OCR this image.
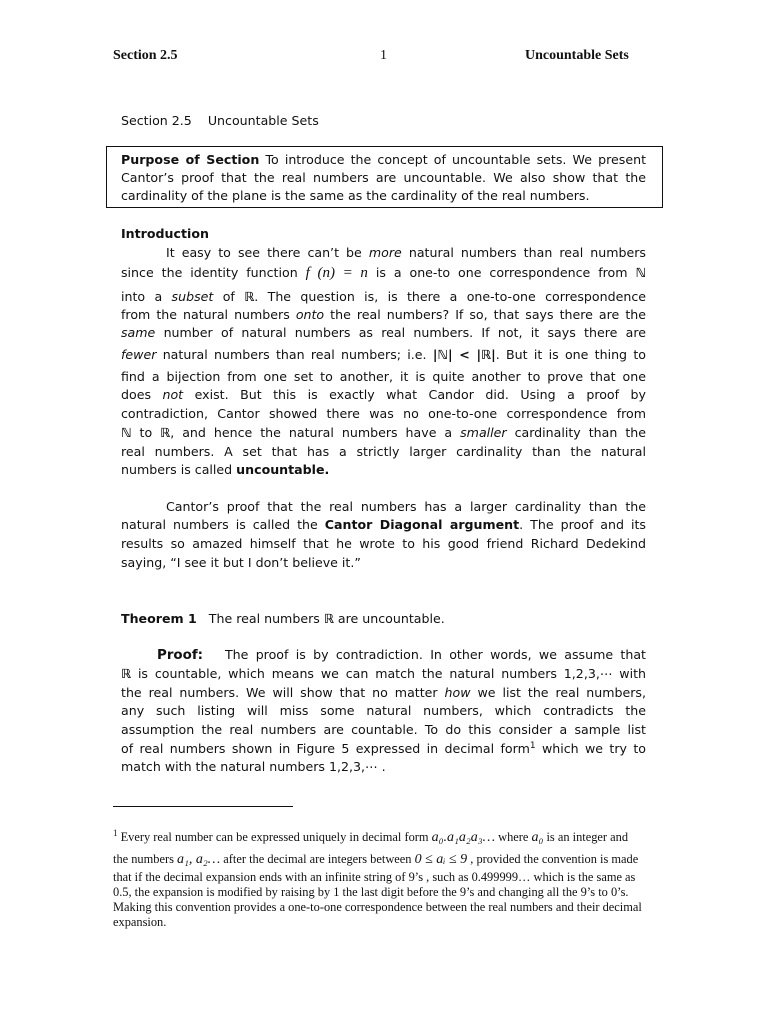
Section 2.5	1	Uncountable Sets
Section 2.5    Uncountable Sets
Purpose of Section To introduce the concept of uncountable sets. We present
Cantor’s proof that the real numbers are uncountable. We also show that the
cardinality of the plane is the same as the cardinality of the real numbers.
Introduction
It easy to see there can’t be more natural numbers than real numbers
since the identity function f (n) = n is a one-to one correspondence from ℕ
into a subset of ℝ. The question is, is there a one-to-one correspondence
from the natural numbers onto the real numbers? If so, that says there are the
same number of natural numbers as real numbers. If not, it says there are
fewer natural numbers than real numbers; i.e. |ℕ| < |ℝ|. But it is one thing to
find a bijection from one set to another, it is quite another to prove that one
does not exist. But this is exactly what Candor did. Using a proof by
contradiction, Cantor showed there was no one-to-one correspondence from
ℕ to ℝ, and hence the natural numbers have a smaller cardinality than the
real numbers. A set that has a strictly larger cardinality than the natural
numbers is called uncountable.
Cantor’s proof that the real numbers has a larger cardinality than the
natural numbers is called the Cantor Diagonal argument. The proof and its
results so amazed himself that he wrote to his good friend Richard Dedekind
saying, “I see it but I don’t believe it.”
Theorem 1 The real numbers ℝ are uncountable.
Proof: The proof is by contradiction. In other words, we assume that
ℝ is countable, which means we can match the natural numbers 1,2,3,⋯ with
the real numbers. We will show that no matter how we list the real numbers,
any such listing will miss some natural numbers, which contradicts the
assumption the real numbers are countable. To do this consider a sample list
of real numbers shown in Figure 5 expressed in decimal form$^1$ which we try to
match with the natural numbers 1,2,3,⋯ .
$^1$ Every real number can be expressed uniquely in decimal form a₀.a₁a₂a₃… where a₀ is an integer and
the numbers a₁, a₂… after the decimal are integers between 0 ≤ aᵢ ≤ 9 , provided the convention is made
that if the decimal expansion ends with an infinite string of 9’s , such as 0.499999… which is the same as
0.5, the expansion is modified by raising by 1 the last digit before the 9’s and changing all the 9’s to 0’s.
Making this convention provides a one-to-one correspondence between the real numbers and their decimal
expansion.
